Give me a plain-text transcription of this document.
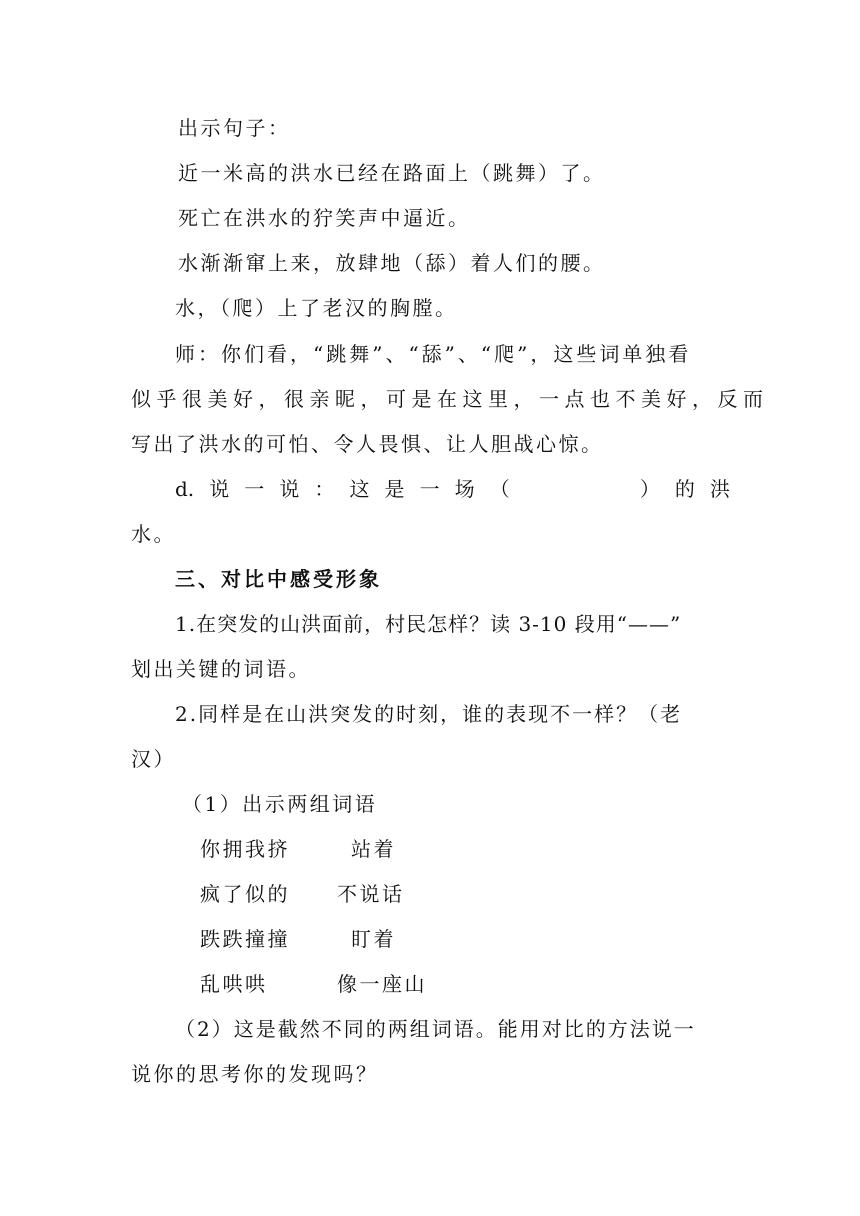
出示句子：
近一米高的洪水已经在路面上（跳舞）了。
死亡在洪水的狞笑声中逼近。
水渐渐窜上来，放肆地（舔）着人们的腰。
水，（爬）上了老汉的胸膛。
师：你们看，“跳舞”、“舔”、“爬”，这些词单独看
似乎很美好，很亲昵，可是在这里，一点也不美好，反而
写出了洪水的可怕、令人畏惧、让人胆战心惊。
d. 说 一 说 ： 这 是 一 场 （	） 的 洪
水。
三、对比中感受形象
1.在突发的山洪面前，村民怎样？读 3-10 段用“——”
划出关键的词语。
2.同样是在山洪突发的时刻，谁的表现不一样？（老
汉）
（1）出示两组词语
你拥我挤	站着
疯了似的 不说话
跌跌撞撞	盯着
乱哄哄	像一座山
（2）这是截然不同的两组词语。能用对比的方法说一
说你的思考你的发现吗？
